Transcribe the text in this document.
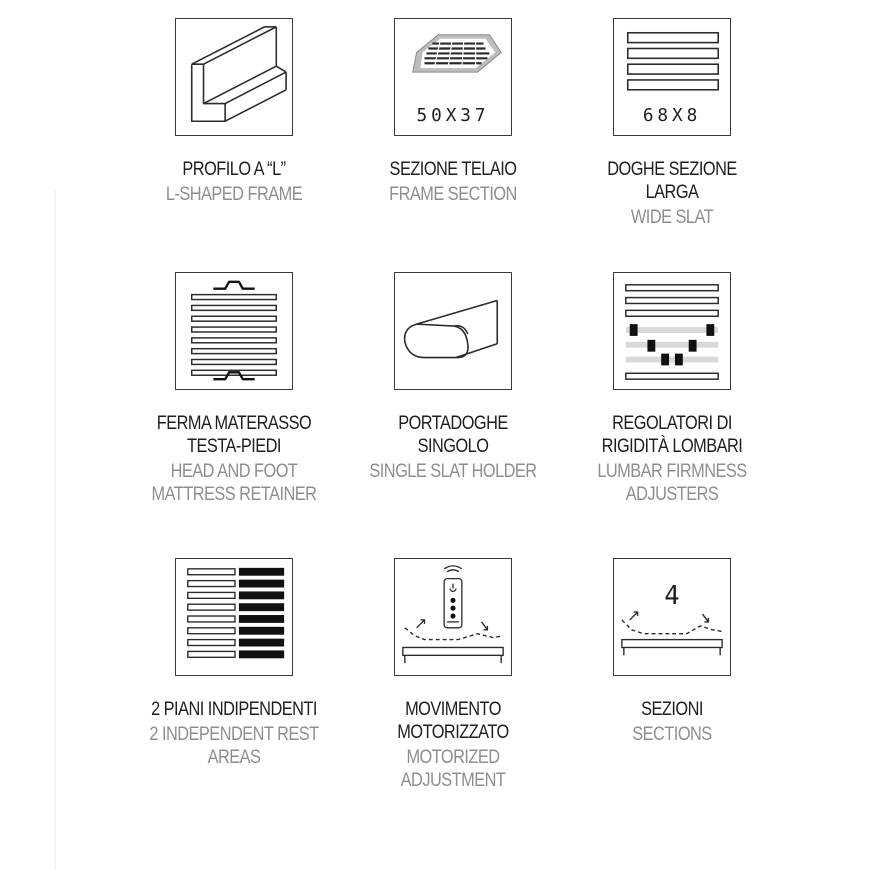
PROFILO A “L”
L-SHAPED FRAME
50X37
SEZIONE TELAIO
FRAME SECTION
68X8
DOGHE SEZIONE
LARGA
WIDE SLAT
FERMA MATERASSO
TESTA-PIEDI
HEAD AND FOOT
MATTRESS RETAINER
PORTADOGHE
SINGOLO
SINGLE SLAT HOLDER
REGOLATORI DI
RIGIDITÀ LOMBARI
LUMBAR FIRMNESS
ADJUSTERS
2 PIANI INDIPENDENTI
2 INDEPENDENT REST
AREAS
MOVIMENTO
MOTORIZZATO
MOTORIZED
ADJUSTMENT
4
SEZIONI
SECTIONS
